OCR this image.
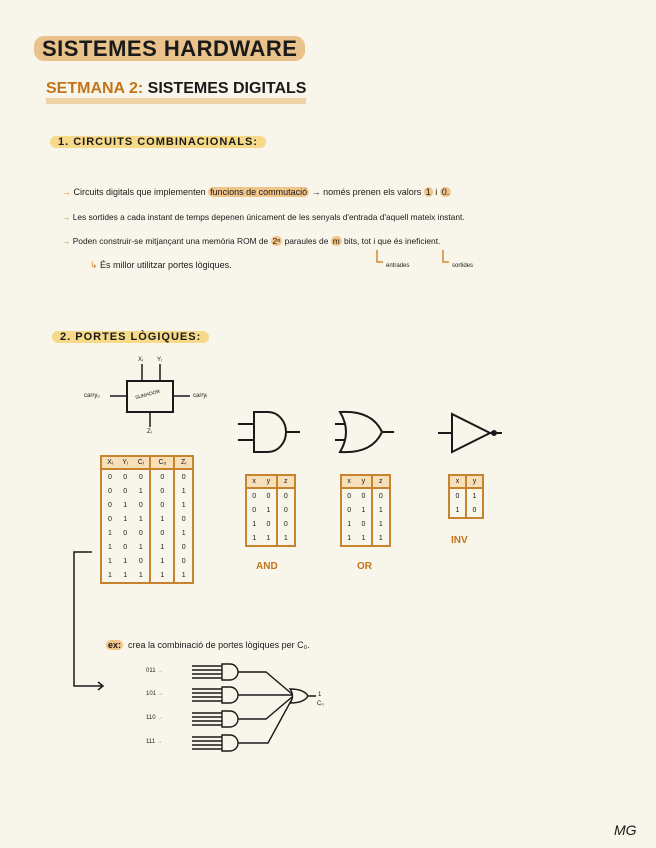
SISTEMES HARDWARE
SETMANA 2: SISTEMES DIGITALS
1. CIRCUITS COMBINACIONALS:
→ Circuits digitals que implementen funcions de commutació → només prenen els valors 1 i 0.
→ Les sortides a cada instant de temps depenen únicament de les senyals d'entrada d'aquell mateix instant.
→ Poden construir-se mitjançant una memòria ROM de 2ⁿ paraules de m bits, tot i que és ineficient.
↳ És millor utilitzar portes lògiques.	entrades	sortides
2. PORTES LÒGIQUES:
Xᵢ Yᵢ
carryₒ	carryᵢ
SUMADOR
Zᵢ
Xᵢ	Yᵢ	Cᵢ	Cₒ	Zᵢ
0	0	0	0	0
0	0	1	0	1
0	1	0	0	1
0	1	1	1	0
1	0	0	0	1
1	0	1	1	0
1	1	0	1	0
1	1	1	1	1
x	y	z
0	0	0
0	1	0
1	0	0
1	1	1
x	y	z
0	0	0
0	1	1
1	0	1
1	1	1
x	y
0	1
1	0
AND	OR
INV
ex: crea la combinació de portes lògiques per C₀.
011 →
101 →
110 →
111 →
1
C₀
MG
